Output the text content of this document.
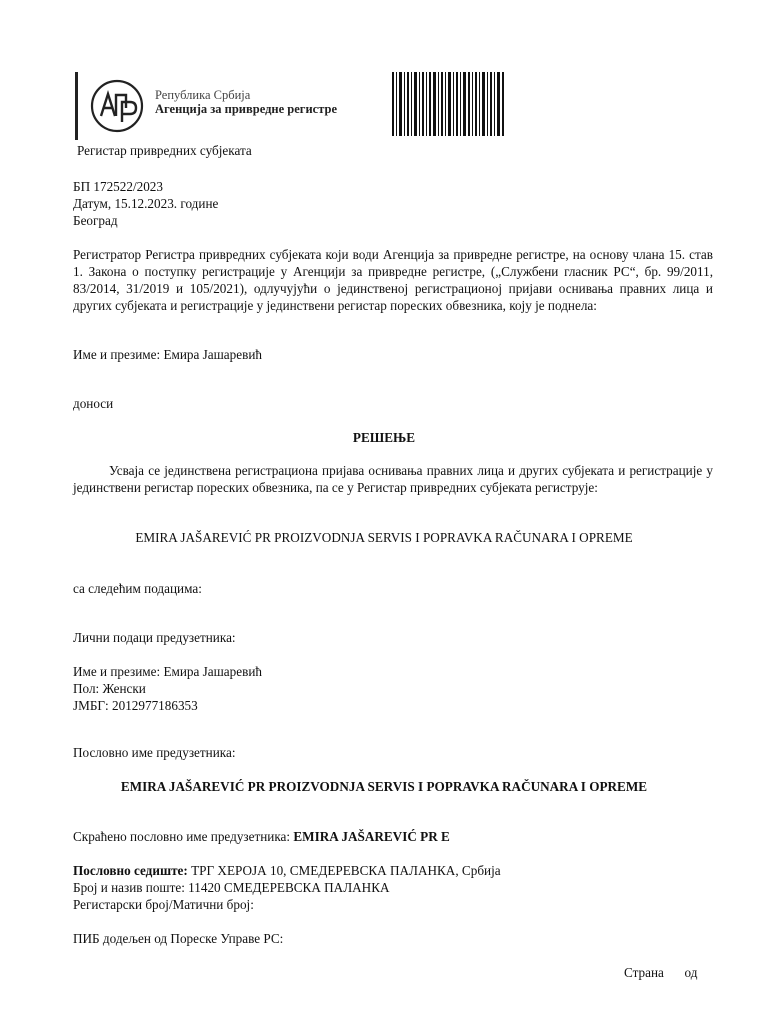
Република Србија
Агенција за привредне регистре
Регистар привредних субјеката
БП 172522/2023
Датум, 15.12.2023. године
Београд
Регистратор Регистра привредних субјеката који води Агенција за привредне регистре, на основу члана 15. став 1. Закона о поступку регистрације у Агенцији за привредне регистре, („Службени гласник РС“, бр. 99/2011, 83/2014, 31/2019 и 105/2021), одлучујући о јединственој регистрационој пријави оснивања правних лица и других субјеката и регистрације у јединствени регистар пореских обвезника, коју је поднела:
Име и презиме: Емира Јашаревић
доноси
РЕШЕЊЕ
Усваја се јединствена регистрациона пријава оснивања правних лица и других субјеката и регистрације у јединствени регистар пореских обвезника, па се у Регистар привредних субјеката региструје:
EMIRA JAŠAREVIĆ PR PROIZVODNJA SERVIS I POPRAVKA RAČUNARA I OPREME
са следећим подацима:
Лични подаци предузетника:
Име и презиме: Емира Јашаревић
Пол: Женски
ЈМБГ: 2012977186353
Пословно име предузетника:
EMIRA JAŠAREVIĆ PR PROIZVODNJA SERVIS I POPRAVKA RAČUNARA I OPREME
Скраћено пословно име предузетника: EMIRA JAŠAREVIĆ PR E
Пословно седиште: ТРГ ХЕРОЈА 10, СМЕДЕРЕВСКА ПАЛАНКА, Србија
Број и назив поште: 11420 СМЕДЕРЕВСКА ПАЛАНКА
Регистарски број/Матични број:
ПИБ додељен од Пореске Управе РС:
Страна од
